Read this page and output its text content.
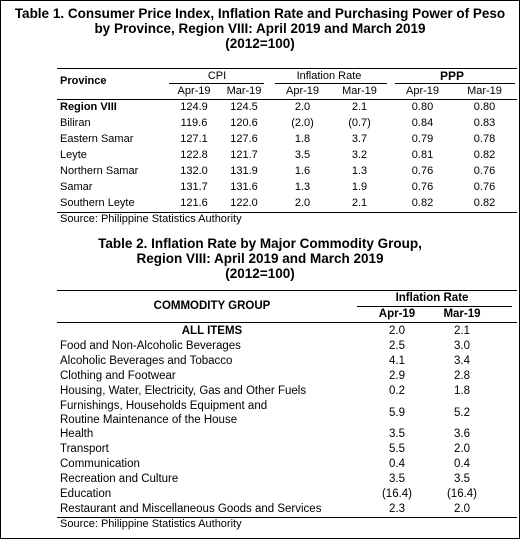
Table 1. Consumer Price Index, Inflation Rate and Purchasing Power of Peso
by Province, Region VIII: April 2019 and March 2019
(2012=100)
Province	CPI	Inflation Rate	PPP
Apr-19	Mar-19	Apr-19	Mar-19	Apr-19	Mar-19
Region VIII	124.9	124.5	2.0	2.1	0.80	0.80
Biliran	119.6	120.6	(2.0)	(0.7)	0.84	0.83
Eastern Samar	127.1	127.6	1.8	3.7	0.79	0.78
Leyte	122.8	121.7	3.5	3.2	0.81	0.82
Northern Samar	132.0	131.9	1.6	1.3	0.76	0.76
Samar	131.7	131.6	1.3	1.9	0.76	0.76
Southern Leyte	121.6	122.0	2.0	2.1	0.82	0.82
Source: Philippine Statistics Authority
Table 2. Inflation Rate by Major Commodity Group,
Region VIII: April 2019 and March 2019
(2012=100)
COMMODITY GROUP
Inflation Rate
Apr-19	Mar-19
ALL ITEMS	2.0	2.1
Food and Non-Alcoholic Beverages	2.5	3.0
Alcoholic Beverages and Tobacco	4.1	3.4
Clothing and Footwear	2.9	2.8
Housing, Water, Electricity, Gas and Other Fuels	0.2	1.8
Furnishings, Households Equipment and
Routine Maintenance of the House
5.9	5.2
Health	3.5	3.6
Transport	5.5	2.0
Communication	0.4	0.4
Recreation and Culture	3.5	3.5
Education	(16.4)	(16.4)
Restaurant and Miscellaneous Goods and Services	2.3	2.0
Source: Philippine Statistics Authority
